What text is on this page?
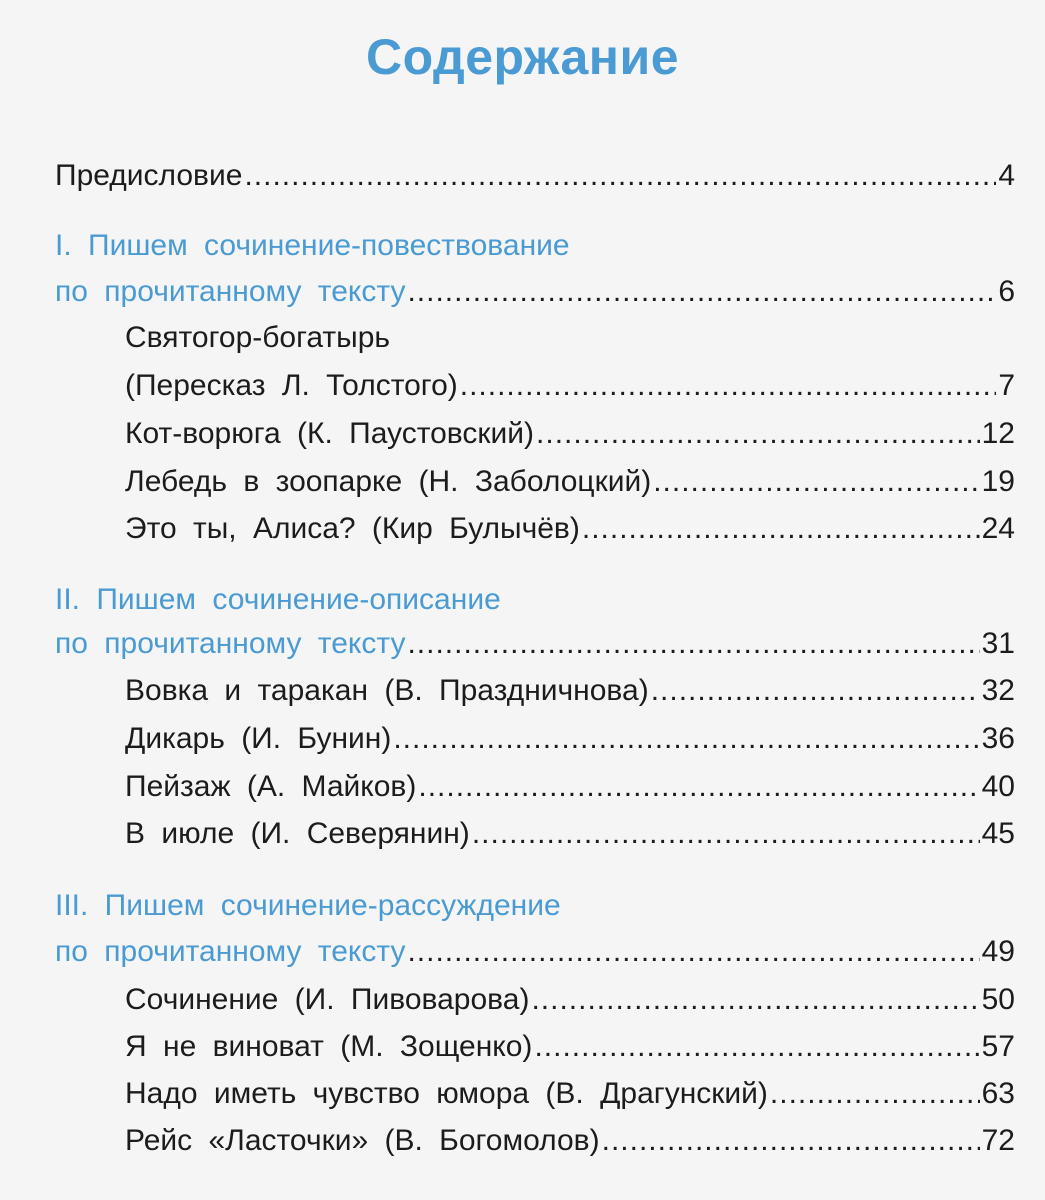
Содержание
Предисловие .....	4
I. Пишем сочинение-повествование
по прочитанному тексту .....	6
Святогор-богатырь
(Пересказ Л. Толстого) .....	7
Кот-ворюга (К. Паустовский) .....	12
Лебедь в зоопарке (Н. Заболоцкий) .....	19
Это ты, Алиса? (Кир Булычёв) .....	24
II. Пишем сочинение-описание
по прочитанному тексту .....	31
Вовка и таракан (В. Праздничнова) .....	32
Дикарь (И. Бунин) .....	36
Пейзаж (А. Майков) .....	40
В июле (И. Северянин) .....	45
III. Пишем сочинение-рассуждение
по прочитанному тексту .....	49
Сочинение (И. Пивоварова) .....	50
Я не виноват (М. Зощенко) .....	57
Надо иметь чувство юмора (В. Драгунский) .....	63
Рейс «Ласточки» (В. Богомолов) .....	72
